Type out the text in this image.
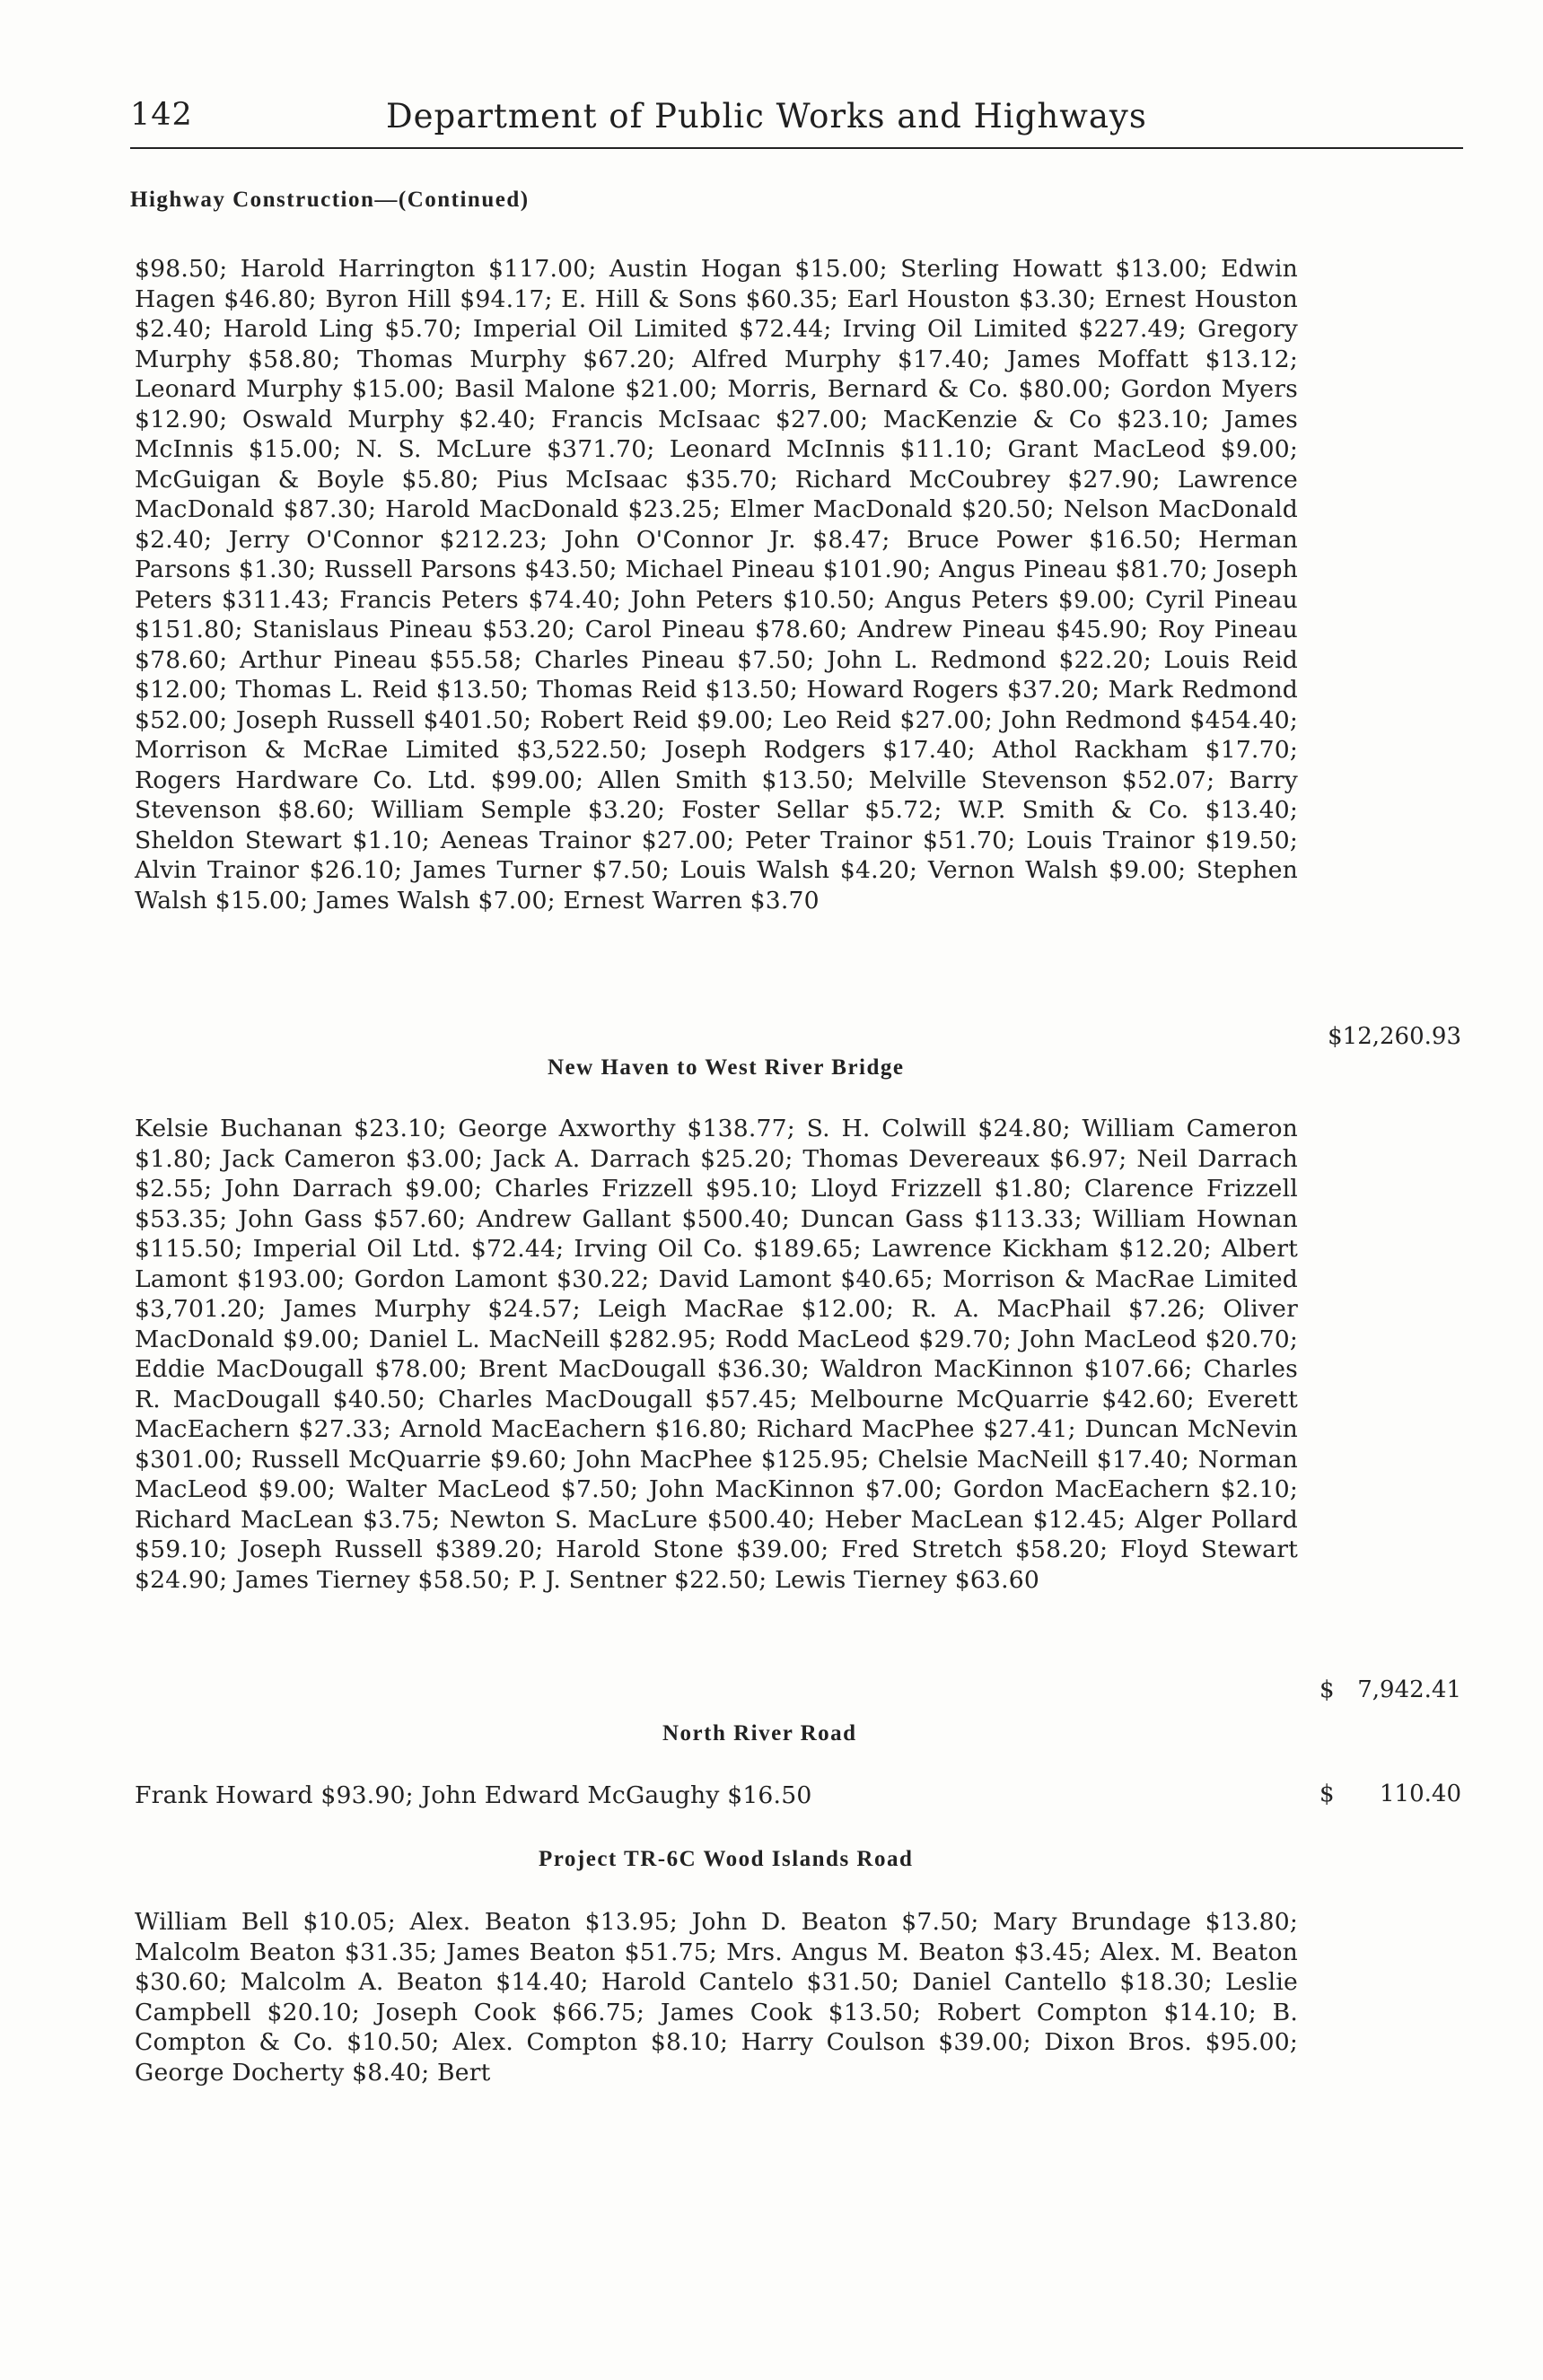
142	Department of Public Works and Highways
Highway Construction—(Continued)
$98.50; Harold Harrington $117.00; Austin Hogan $15.00; Sterling Howatt $13.00; Edwin Hagen $46.80; Byron Hill $94.17; E. Hill & Sons $60.35; Earl Houston $3.30; Ernest Houston $2.40; Harold Ling $5.70; Imperial Oil Limited $72.44; Irving Oil Limited $227.49; Gregory Murphy $58.80; Thomas Murphy $67.20; Alfred Murphy $17.40; James Moffatt $13.12; Leonard Murphy $15.00; Basil Malone $21.00; Morris, Bernard & Co. $80.00; Gordon Myers $12.90; Oswald Murphy $2.40; Francis McIsaac $27.00; MacKenzie & Co $23.10; James McInnis $15.00; N. S. McLure $371.70; Leonard McInnis $11.10; Grant MacLeod $9.00; McGuigan & Boyle $5.80; Pius McIsaac $35.70; Richard McCoubrey $27.90; Lawrence MacDonald $87.30; Harold MacDonald $23.25; Elmer MacDonald $20.50; Nelson MacDonald $2.40; Jerry O'Connor $212.23; John O'Connor Jr. $8.47; Bruce Power $16.50; Herman Parsons $1.30; Russell Parsons $43.50; Michael Pineau $101.90; Angus Pineau $81.70; Joseph Peters $311.43; Francis Peters $74.40; John Peters $10.50; Angus Peters $9.00; Cyril Pineau $151.80; Stanislaus Pineau $53.20; Carol Pineau $78.60; Andrew Pineau $45.90; Roy Pineau $78.60; Arthur Pineau $55.58; Charles Pineau $7.50; John L. Redmond $22.20; Louis Reid $12.00; Thomas L. Reid $13.50; Thomas Reid $13.50; Howard Rogers $37.20; Mark Redmond $52.00; Joseph Russell $401.50; Robert Reid $9.00; Leo Reid $27.00; John Redmond $454.40; Morrison & McRae Limited $3,522.50; Joseph Rodgers $17.40; Athol Rackham $17.70; Rogers Hardware Co. Ltd. $99.00; Allen Smith $13.50; Melville Stevenson $52.07; Barry Stevenson $8.60; William Semple $3.20; Foster Sellar $5.72; W.P. Smith & Co. $13.40; Sheldon Stewart $1.10; Aeneas Trainor $27.00; Peter Trainor $51.70; Louis Trainor $19.50; Alvin Trainor $26.10; James Turner $7.50; Louis Walsh $4.20; Vernon Walsh $9.00; Stephen Walsh $15.00; James Walsh $7.00; Ernest Warren $3.70
$12,260.93
New Haven to West River Bridge
Kelsie Buchanan $23.10; George Axworthy $138.77; S. H. Colwill $24.80; William Cameron $1.80; Jack Cameron $3.00; Jack A. Darrach $25.20; Thomas Devereaux $6.97; Neil Darrach $2.55; John Darrach $9.00; Charles Frizzell $95.10; Lloyd Frizzell $1.80; Clarence Frizzell $53.35; John Gass $57.60; Andrew Gallant $500.40; Duncan Gass $113.33; William Hownan $115.50; Imperial Oil Ltd. $72.44; Irving Oil Co. $189.65; Lawrence Kickham $12.20; Albert Lamont $193.00; Gordon Lamont $30.22; David Lamont $40.65; Morrison & MacRae Limited $3,701.20; James Murphy $24.57; Leigh MacRae $12.00; R. A. MacPhail $7.26; Oliver MacDonald $9.00; Daniel L. MacNeill $282.95; Rodd MacLeod $29.70; John MacLeod $20.70; Eddie MacDougall $78.00; Brent MacDougall $36.30; Waldron MacKinnon $107.66; Charles R. MacDougall $40.50; Charles MacDougall $57.45; Melbourne McQuarrie $42.60; Everett MacEachern $27.33; Arnold MacEachern $16.80; Richard MacPhee $27.41; Duncan McNevin $301.00; Russell McQuarrie $9.60; John MacPhee $125.95; Chelsie MacNeill $17.40; Norman MacLeod $9.00; Walter MacLeod $7.50; John MacKinnon $7.00; Gordon MacEachern $2.10; Richard MacLean $3.75; Newton S. MacLure $500.40; Heber MacLean $12.45; Alger Pollard $59.10; Joseph Russell $389.20; Harold Stone $39.00; Fred Stretch $58.20; Floyd Stewart $24.90; James Tierney $58.50; P. J. Sentner $22.50; Lewis Tierney $63.60
$ 7,942.41
North River Road
Frank Howard $93.90; John Edward McGaughy $16.50	$ 110.40
Project TR-6C Wood Islands Road
William Bell $10.05; Alex. Beaton $13.95; John D. Beaton $7.50; Mary Brundage $13.80; Malcolm Beaton $31.35; James Beaton $51.75; Mrs. Angus M. Beaton $3.45; Alex. M. Beaton $30.60; Malcolm A. Beaton $14.40; Harold Cantelo $31.50; Daniel Cantello $18.30; Leslie Campbell $20.10; Joseph Cook $66.75; James Cook $13.50; Robert Compton $14.10; B. Compton & Co. $10.50; Alex. Compton $8.10; Harry Coulson $39.00; Dixon Bros. $95.00; George Docherty $8.40; Bert
